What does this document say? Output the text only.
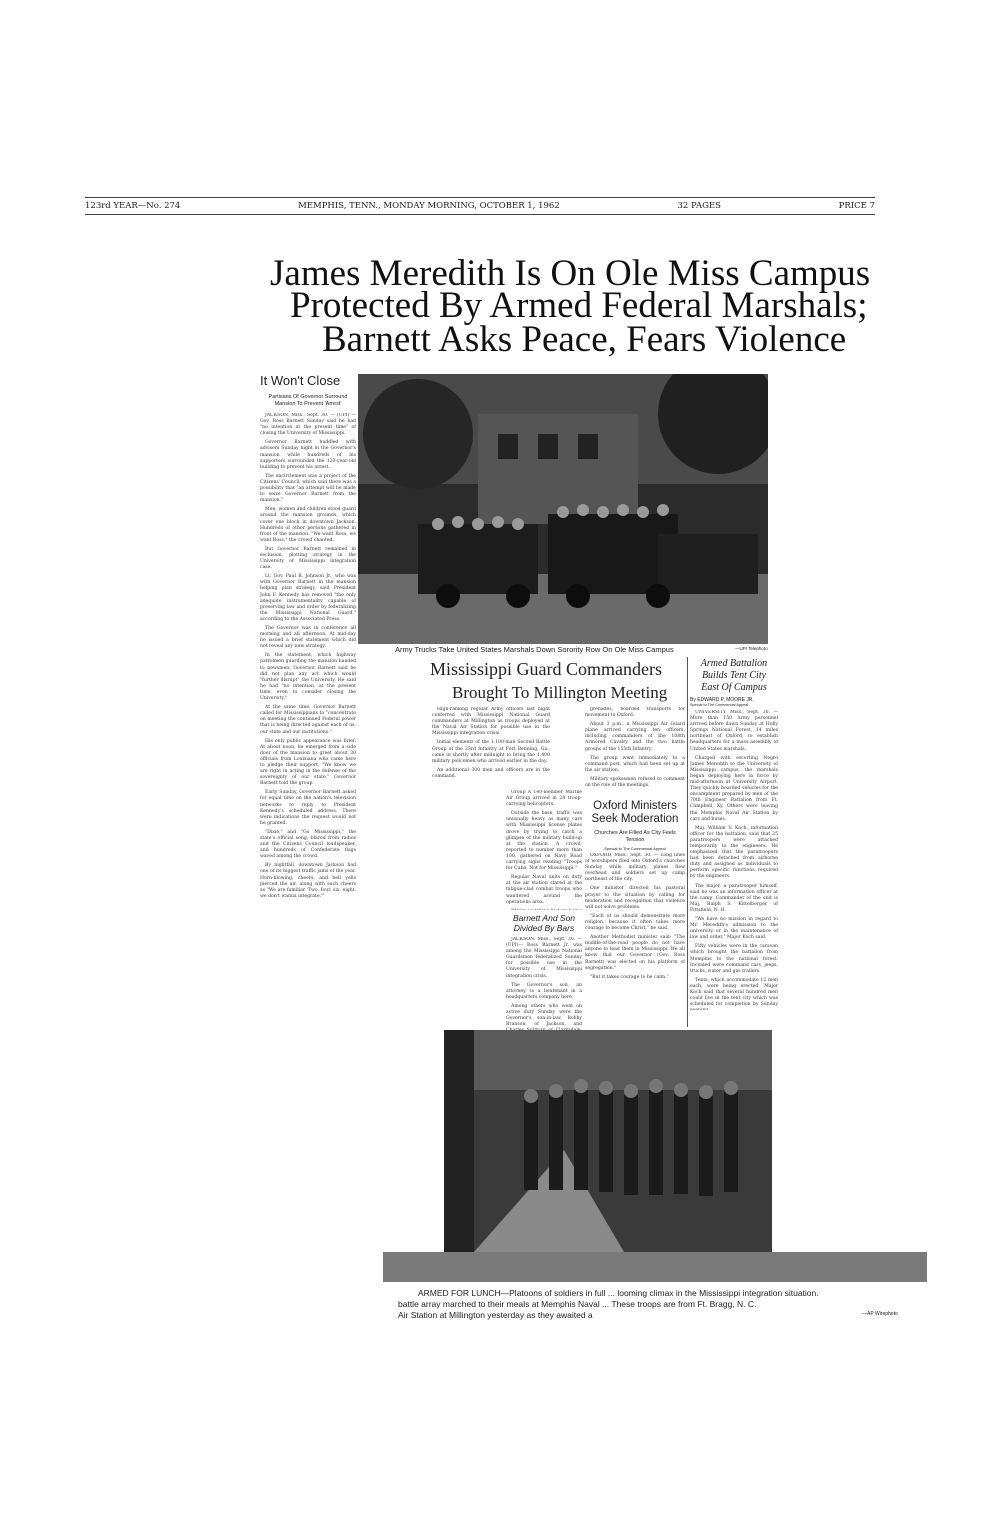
123rd YEAR—No. 274	MEMPHIS, TENN., MONDAY MORNING, OCTOBER 1, 1962	32 PAGES	PRICE 7
James Meredith Is On Ole Miss Campus
Protected By Armed Federal Marshals;
Barnett Asks Peace, Fears Violence
It Won't Close
Partisans Of Governor Surround Mansion To Prevent 'Arrest'

JACKSON, Miss., Sept. 30. — (UPI) — Gov. Ross Barnett Sunday said he had "no intention at the present time" of closing the University of Mississippi.

Governor Barnett huddled with advisers Sunday night in the Governor's mansion while hundreds of his supporters surrounded the 120-year-old building to prevent his arrest.

The encirclement was a project of the Citizens' Council, which said there was a possibility that "an attempt will be made to seize Governor Barnett from the mansion."

Men, women and children stood guard around the mansion grounds, which cover one block in downtown Jackson. Hundreds of other persons gathered in front of the mansion. "We want Ross, we want Ross," the crowd chanted.

But Governor Barnett remained in seclusion, plotting strategy in the University of Mississippi integration case.

Lt. Gov. Paul B. Johnson Jr., who was with Governor Barnett in the mansion helping plan strategy, said President John F. Kennedy has removed "the only adequate instrumentality capable of preserving law and order by federalizing the Mississippi National Guard," according to the Associated Press.

The Governor was in conference all morning and all afternoon. At mid-day he issued a brief statement which did not reveal any new strategy.

In the statement, which highway patrolmen guarding the mansion handed to newsmen, Governor Barnett said he did not plan any act which would "further disrupt" the University. He said he had "no intention, at the present time, even to consider closing the University."

At the same time, Governor Barnett called for Mississippians to "concentrate on meeting the continued Federal power that is being directed against each of us, our state and our institutions."

His only public appearance was brief. At about noon, he emerged from a side door of the mansion to greet about 30 officials from Louisiana who came here to pledge their support. "We know we are right in acting in the defense of the sovereignty of our state," Governor Barnett told the group.

Early Sunday, Governor Barnett asked for equal time on the nation's television networks to reply to President Kennedy's scheduled address. There were indications the request would not be granted.

"Dixie," and "Go Mississippi," the state's official song, blared from radios and the Citizens Council loudspeaker, and hundreds of Confederate flags waved among the crowd.

By nightfall, downtown Jackson had one of its biggest traffic jams of the year. Horn-blowing, cheers, and bell yells pierced the air, along with such cheers as "We are familiar 'Two, four, six, eight, we don't wanna integrate.'"

Army Trucks Take United States Marshals Down Sorority Row On Ole Miss Campus	—UPI Telephoto
Mississippi Guard Commanders
Brought To Millington Meeting

High-ranking regular Army officers last night conferred with Mississippi National Guard commanders at Millington as troops deployed at the Naval Air Station for possible use in the Mississippi integration crisis.

Initial elements of the 1,100-man Second Battle Group of the 23rd Infantry at Fort Benning, Ga., came in shortly after midnight to bring the 1,400 military policemen who arrived earlier in the day.

An additional 300 men and officers are in the command.

Group A 140-member Marine Air Group arrived in 28 troop-carrying helicopters.

Outside the base, traffic was unusually heavy as many cars with Mississippi license plates drove by trying to catch a glimpse of the military build-up at the station. A crowd, reported to number more than 100, gathered on Navy Road carrying signs reading "Troops for Cuba, Not for Mississippi."

Regular Naval units on duty at the air station stared at the fatigue-clad combat troops who wandered around the operations area.

Barnett And Son Divided By Bars

JACKSON, Miss., Sept. 30. —(UPI)— Ross Barnett Jr. was among the Mississippi National Guardsmen federalized Sunday for possible use in the University of Mississippi integration crisis.

The Governor's son, an attorney, is a lieutenant in a headquarters company here.

Among others who went on active duty Sunday were the Governor's son-in-law, Bobby Branson, of Jackson, and

grenades, boarded transports for movement to Oxford.

About 3 p.m., a Mississippi Air Guard plane arrived carrying ten officers, including commanders of the 108th Armored Cavalry and the two battle groups of the 155th Infantry.

The group went immediately to a command post, which had been set up at the air station.

Military spokesmen refused to comment on the role of the meetings.

Oxford Ministers
Seek Moderation
Churches Are Filled As City Feels Tension
Special to The Commercial Appeal

OXFORD, Miss., Sept. 30. — Long lines of worshipers filed into Oxford's churches Sunday while military planes flew overhead and soldiers set up camp northeast of the city.

One minister directed his pastoral prayer to the situation by calling for moderation and recognition that violence will not solve problems.

"Each of us should demonstrate more religion, because it often takes more courage to become Christ," he said.

Another Methodist minister said: "The middle-of-the-road people do not have anyone to lead them in Mississippi. We all know that our Governor (Gov. Ross Barnett) was elected on his platform of segregation."

"But it takes courage to be calm."

Armed Battalion
Builds Tent City
East Of Campus
By EDWARD P. MOORE JR.
Special to The Commercial Appeal

UNIVERSITY, Miss., Sept. 30. — More than 150 Army personnel arrived before dawn Sunday at Holly Springs National Forest, 14 miles northeast of Oxford, to establish headquarters for a mass assembly of United States marshals.

Charged with escorting Negro James Meredith to the University of Mississippi campus, the marshals began deploying here in force by mid-afternoon at University Airport. They quickly boarded vehicles for the encampment prepared by men of the 70th Engineer Battalion from Ft. Campbell, Ky. Others were leaving the Memphis Naval Air Station by cars and buses.

Maj. William V. Koch, information officer for the battalion, said that 25 paratroopers were attached temporarily to the engineers. He emphasized that the paratroopers had been detached from airborne duty and assigned as individuals to perform specific functions required by the engineers.

The major, a paratrooper himself, said he was an information officer at the camp. Commander of the unit is Maj. Ralph S. Kittelberger of Pittsfield, N. H.

"We have no mission in regard to Mr. Meredith's admission to the university or in the maintenance of law and order," Major Koch said.

Fifty vehicles were in the caravan which brought the battalion from Memphis to the national forest. Included were command cars, jeeps, trucks, water and gas trailers.

Tents, which accommodate 12 men each, were being erected. Major Koch said that several hundred men could live in the tent city which was scheduled for completion by Sunday

ARMED FOR LUNCH—Platoons of soldiers in full ... looming climax in the Mississippi integration situation.
battle array marched to their meals at Memphis Naval ... These troops are from Ft. Bragg, N. C.
Air Station at Millington yesterday as they awaited a	—AP Wirephoto
